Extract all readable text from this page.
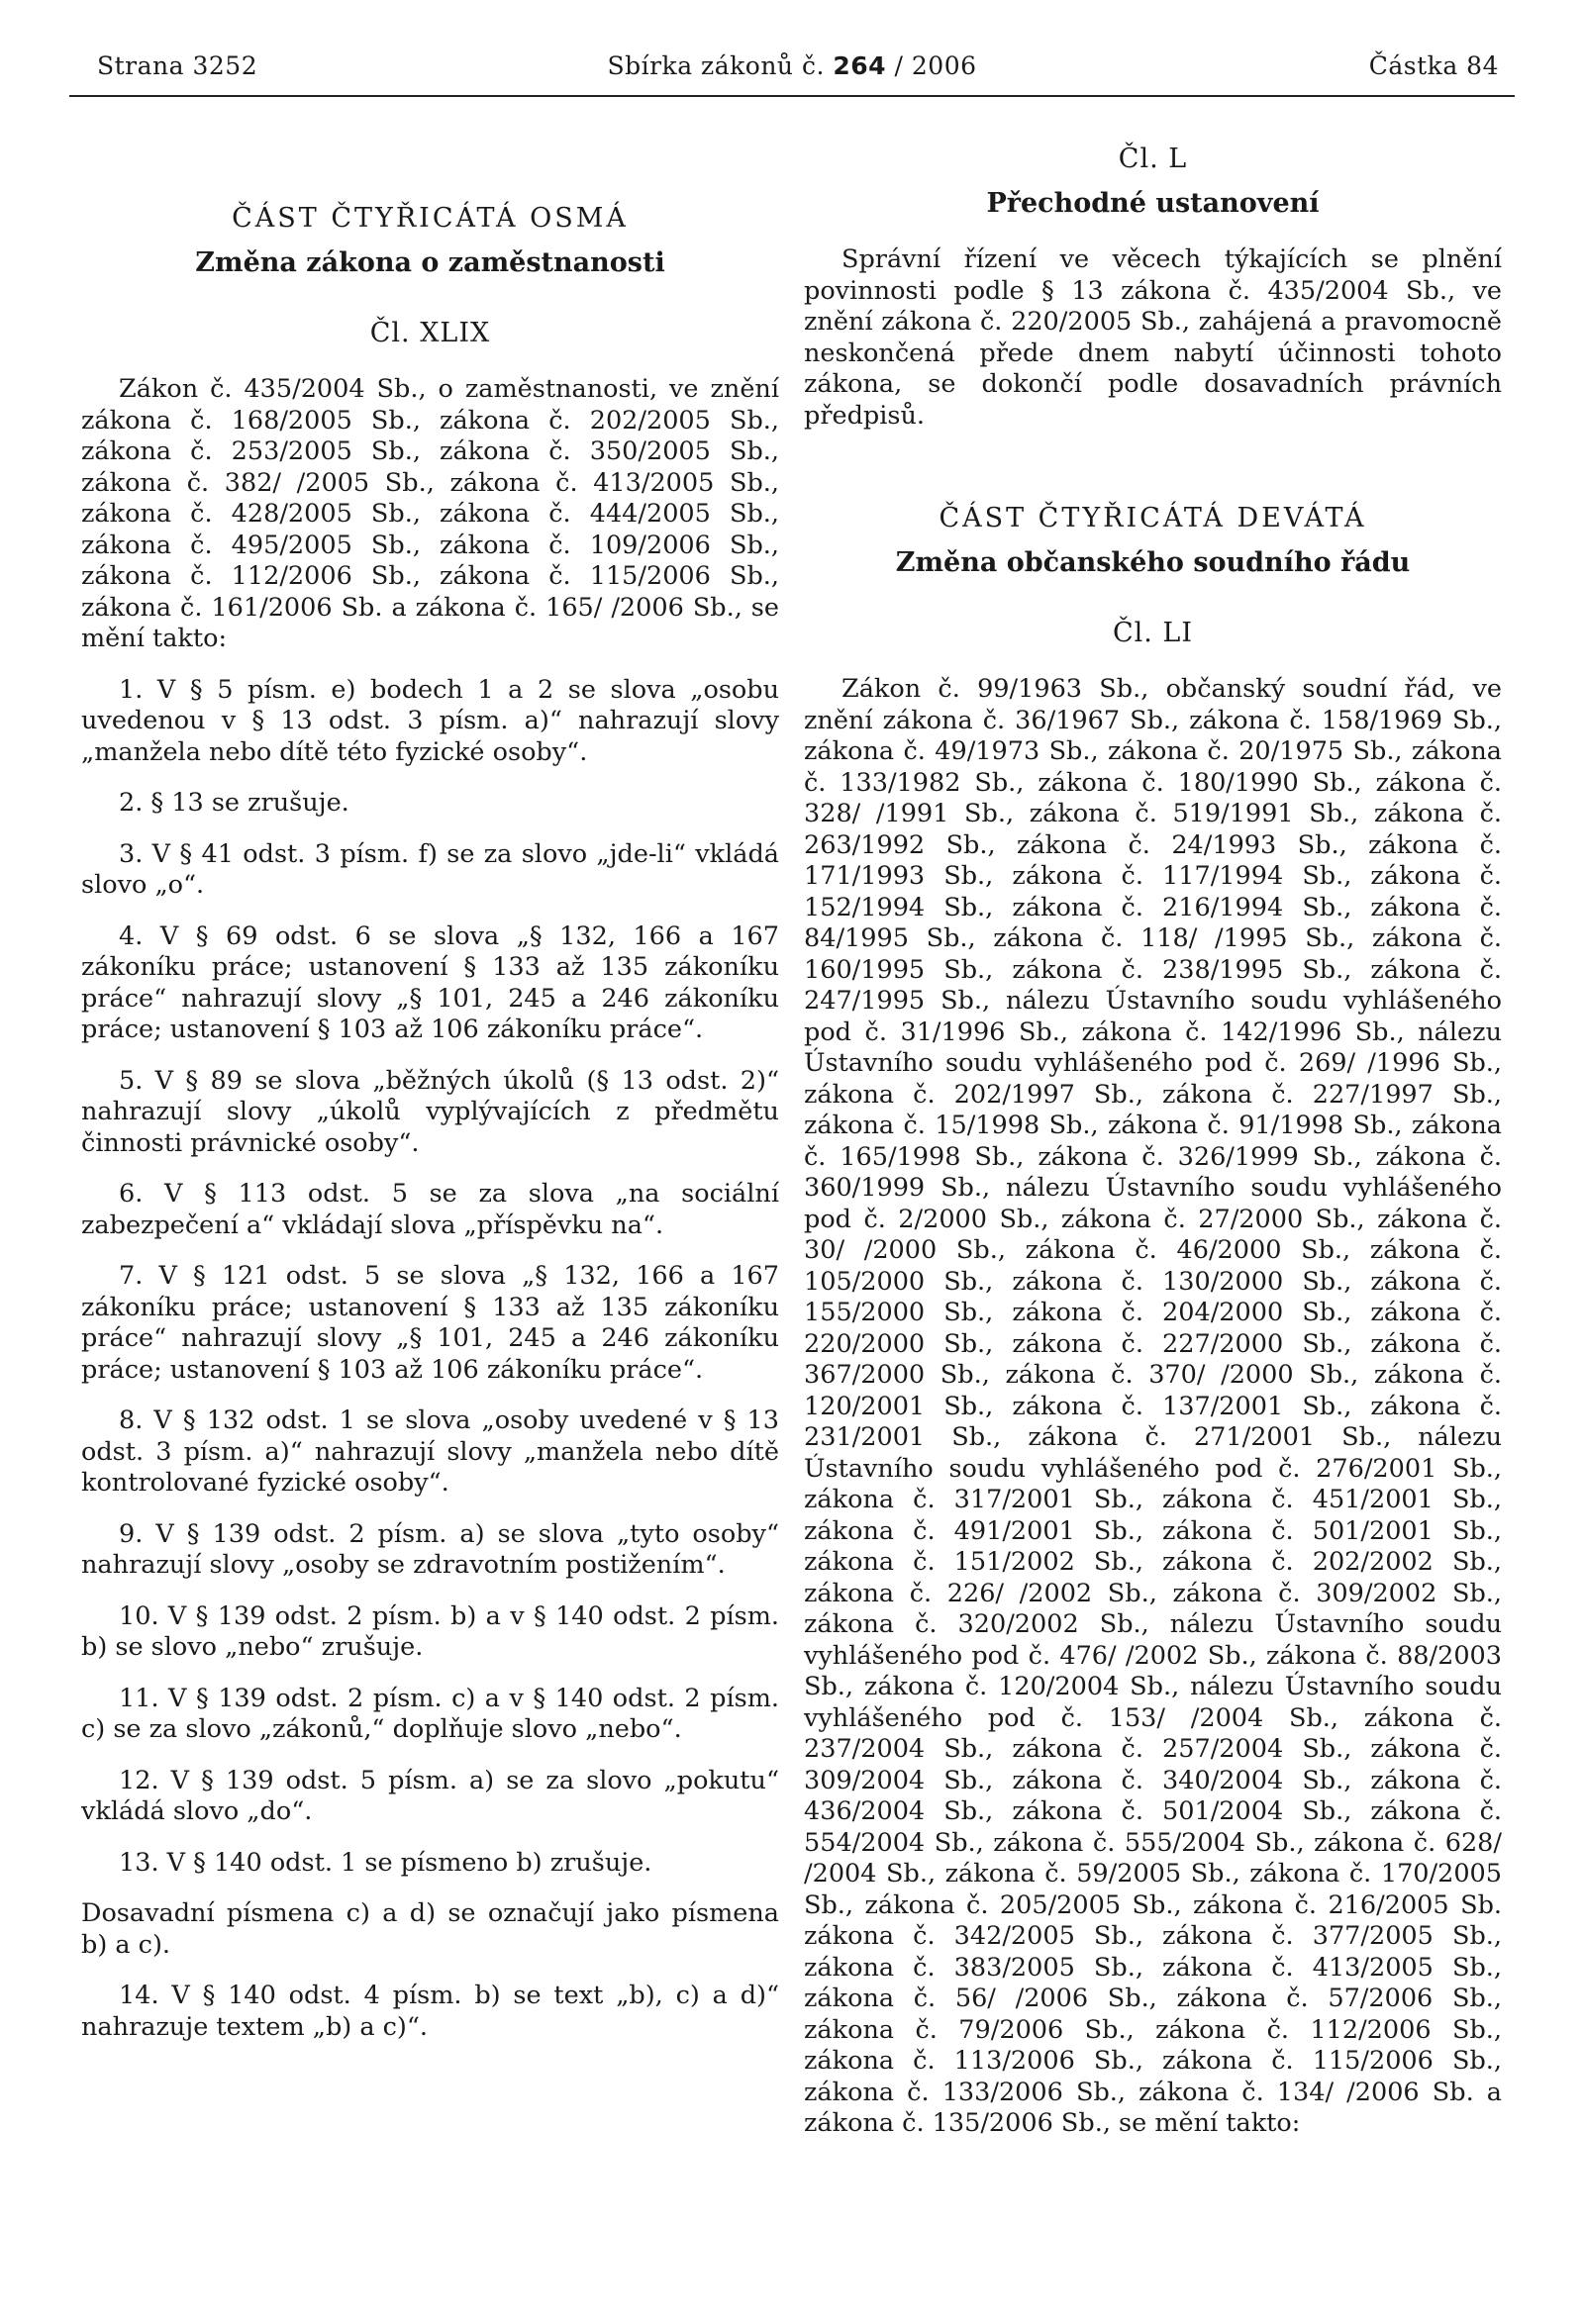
Strana 3252	Sbírka zákonů č. 264 / 2006	Částka 84
ČÁST ČTYŘICÁTÁ OSMÁ
Změna zákona o zaměstnanosti
Čl. XLIX

Zákon č. 435/2004 Sb., o zaměstnanosti, ve znění zákona č. 168/2005 Sb., zákona č. 202/2005 Sb., zákona č. 253/2005 Sb., zákona č. 350/2005 Sb., zákona č. 382/ /2005 Sb., zákona č. 413/2005 Sb., zákona č. 428/2005 Sb., zákona č. 444/2005 Sb., zákona č. 495/2005 Sb., zákona č. 109/2006 Sb., zákona č. 112/2006 Sb., zákona č. 115/2006 Sb., zákona č. 161/2006 Sb. a zákona č. 165/ /2006 Sb., se mění takto:

1. V § 5 písm. e) bodech 1 a 2 se slova „osobu uvedenou v § 13 odst. 3 písm. a)“ nahrazují slovy „manžela nebo dítě této fyzické osoby“.

2. § 13 se zrušuje.

3. V § 41 odst. 3 písm. f) se za slovo „jde-li“ vkládá slovo „o“.

4. V § 69 odst. 6 se slova „§ 132, 166 a 167 zákoníku práce; ustanovení § 133 až 135 zákoníku práce“ nahrazují slovy „§ 101, 245 a 246 zákoníku práce; ustanovení § 103 až 106 zákoníku práce“.

5. V § 89 se slova „běžných úkolů (§ 13 odst. 2)“ nahrazují slovy „úkolů vyplývajících z předmětu činnosti právnické osoby“.

6. V § 113 odst. 5 se za slova „na sociální zabezpečení a“ vkládají slova „příspěvku na“.

7. V § 121 odst. 5 se slova „§ 132, 166 a 167 zákoníku práce; ustanovení § 133 až 135 zákoníku práce“ nahrazují slovy „§ 101, 245 a 246 zákoníku práce; ustanovení § 103 až 106 zákoníku práce“.

8. V § 132 odst. 1 se slova „osoby uvedené v § 13 odst. 3 písm. a)“ nahrazují slovy „manžela nebo dítě kontrolované fyzické osoby“.

9. V § 139 odst. 2 písm. a) se slova „tyto osoby“ nahrazují slovy „osoby se zdravotním postižením“.

10. V § 139 odst. 2 písm. b) a v § 140 odst. 2 písm. b) se slovo „nebo“ zrušuje.

11. V § 139 odst. 2 písm. c) a v § 140 odst. 2 písm. c) se za slovo „zákonů,“ doplňuje slovo „nebo“.

12. V § 139 odst. 5 písm. a) se za slovo „pokutu“ vkládá slovo „do“.

13. V § 140 odst. 1 se písmeno b) zrušuje.

Dosavadní písmena c) a d) se označují jako písmena b) a c).

14. V § 140 odst. 4 písm. b) se text „b), c) a d)“ nahrazuje textem „b) a c)“.

Čl. L
Přechodné ustanovení

Správní řízení ve věcech týkajících se plnění povinnosti podle § 13 zákona č. 435/2004 Sb., ve znění zákona č. 220/2005 Sb., zahájená a pravomocně neskončená přede dnem nabytí účinnosti tohoto zákona, se dokončí podle dosavadních právních předpisů.

ČÁST ČTYŘICÁTÁ DEVÁTÁ
Změna občanského soudního řádu
Čl. LI

Zákon č. 99/1963 Sb., občanský soudní řád, ve znění zákona č. 36/1967 Sb., zákona č. 158/1969 Sb., zákona č. 49/1973 Sb., zákona č. 20/1975 Sb., zákona č. 133/1982 Sb., zákona č. 180/1990 Sb., zákona č. 328/ /1991 Sb., zákona č. 519/1991 Sb., zákona č. 263/1992 Sb., zákona č. 24/1993 Sb., zákona č. 171/1993 Sb., zákona č. 117/1994 Sb., zákona č. 152/1994 Sb., zákona č. 216/1994 Sb., zákona č. 84/1995 Sb., zákona č. 118/ /1995 Sb., zákona č. 160/1995 Sb., zákona č. 238/1995 Sb., zákona č. 247/1995 Sb., nálezu Ústavního soudu vyhlášeného pod č. 31/1996 Sb., zákona č. 142/1996 Sb., nálezu Ústavního soudu vyhlášeného pod č. 269/ /1996 Sb., zákona č. 202/1997 Sb., zákona č. 227/1997 Sb., zákona č. 15/1998 Sb., zákona č. 91/1998 Sb., zákona č. 165/1998 Sb., zákona č. 326/1999 Sb., zákona č. 360/1999 Sb., nálezu Ústavního soudu vyhlášeného pod č. 2/2000 Sb., zákona č. 27/2000 Sb., zákona č. 30/ /2000 Sb., zákona č. 46/2000 Sb., zákona č. 105/2000 Sb., zákona č. 130/2000 Sb., zákona č. 155/2000 Sb., zákona č. 204/2000 Sb., zákona č. 220/2000 Sb., zákona č. 227/2000 Sb., zákona č. 367/2000 Sb., zákona č. 370/ /2000 Sb., zákona č. 120/2001 Sb., zákona č. 137/2001 Sb., zákona č. 231/2001 Sb., zákona č. 271/2001 Sb., nálezu Ústavního soudu vyhlášeného pod č. 276/2001 Sb., zákona č. 317/2001 Sb., zákona č. 451/2001 Sb., zákona č. 491/2001 Sb., zákona č. 501/2001 Sb., zákona č. 151/2002 Sb., zákona č. 202/2002 Sb., zákona č. 226/ /2002 Sb., zákona č. 309/2002 Sb., zákona č. 320/2002 Sb., nálezu Ústavního soudu vyhlášeného pod č. 476/ /2002 Sb., zákona č. 88/2003 Sb., zákona č. 120/2004 Sb., nálezu Ústavního soudu vyhlášeného pod č. 153/ /2004 Sb., zákona č. 237/2004 Sb., zákona č. 257/2004 Sb., zákona č. 309/2004 Sb., zákona č. 340/2004 Sb., zákona č. 436/2004 Sb., zákona č. 501/2004 Sb., zákona č. 554/2004 Sb., zákona č. 555/2004 Sb., zákona č. 628/ /2004 Sb., zákona č. 59/2005 Sb., zákona č. 170/2005 Sb., zákona č. 205/2005 Sb., zákona č. 216/2005 Sb. zákona č. 342/2005 Sb., zákona č. 377/2005 Sb., zákona č. 383/2005 Sb., zákona č. 413/2005 Sb., zákona č. 56/ /2006 Sb., zákona č. 57/2006 Sb., zákona č. 79/2006 Sb., zákona č. 112/2006 Sb., zákona č. 113/2006 Sb., zákona č. 115/2006 Sb., zákona č. 133/2006 Sb., zákona č. 134/ /2006 Sb. a zákona č. 135/2006 Sb., se mění takto:
